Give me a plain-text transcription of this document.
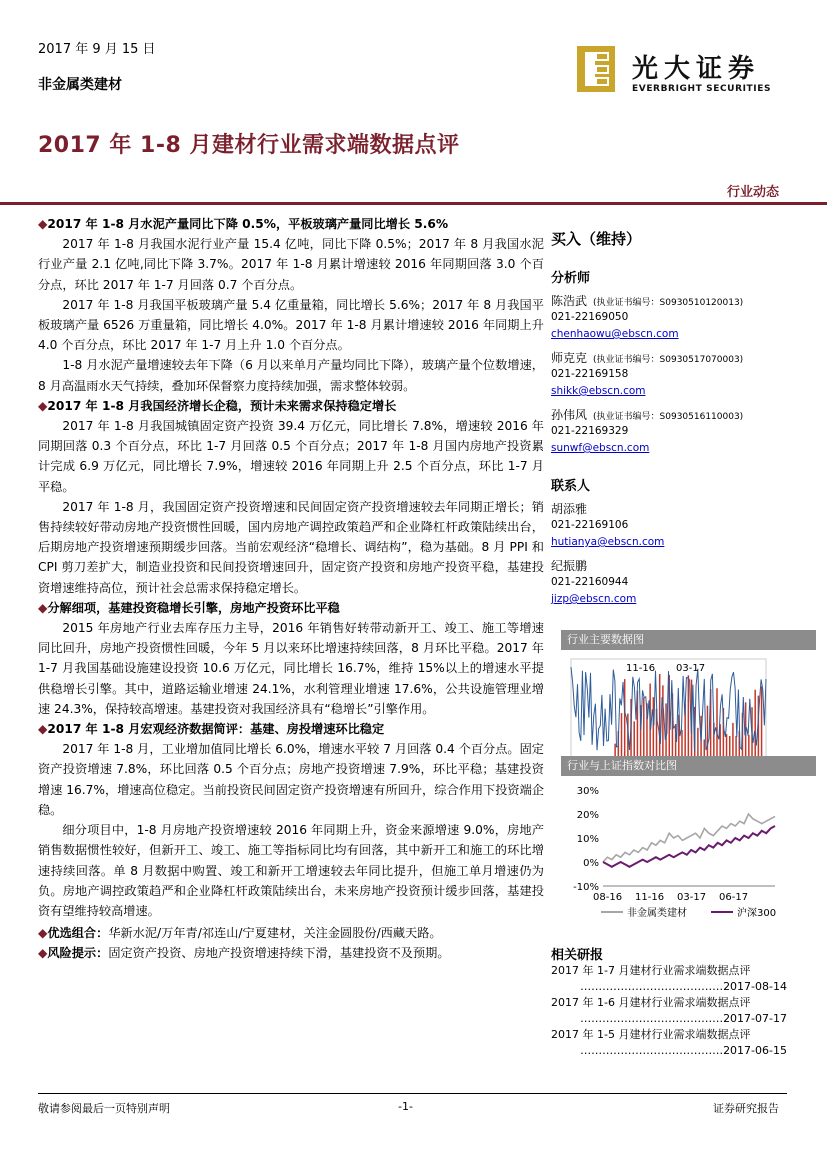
2017 年 9 月 15 日
非金属类建材
2017 年 1-8 月建材行业需求端数据点评
光大证券
EVERBRIGHT SECURITIES
行业动态
◆2017 年 1-8 月水泥产量同比下降 0.5%，平板玻璃产量同比增长 5.6%

2017 年 1-8 月我国水泥行业产量 15.4 亿吨，同比下降 0.5%；2017 年 8 月我国水泥行业产量 2.1 亿吨,同比下降 3.7%。2017 年 1-8 月累计增速较 2016 年同期回落 3.0 个百分点，环比 2017 年 1-7 月回落 0.7 个百分点。

2017 年 1-8 月我国平板玻璃产量 5.4 亿重量箱，同比增长 5.6%；2017 年 8 月我国平板玻璃产量 6526 万重量箱，同比增长 4.0%。2017 年 1-8 月累计增速较 2016 年同期上升 4.0 个百分点，环比 2017 年 1-7 月上升 1.0 个百分点。

1-8 月水泥产量增速较去年下降（6 月以来单月产量均同比下降），玻璃产量个位数增速，8 月高温雨水天气持续，叠加环保督察力度持续加强，需求整体较弱。

◆2017 年 1-8 月我国经济增长企稳，预计未来需求保持稳定增长

2017 年 1-8 月我国城镇固定资产投资 39.4 万亿元，同比增长 7.8%，增速较 2016 年同期回落 0.3 个百分点，环比 1-7 月回落 0.5 个百分点；2017 年 1-8 月国内房地产投资累计完成 6.9 万亿元，同比增长 7.9%，增速较 2016 年同期上升 2.5 个百分点，环比 1-7 月平稳。

2017 年 1-8 月，我国固定资产投资增速和民间固定资产投资增速较去年同期正增长；销售持续较好带动房地产投资惯性回暖，国内房地产调控政策趋严和企业降杠杆政策陆续出台，后期房地产投资增速预期缓步回落。当前宏观经济“稳增长、调结构”，稳为基础。8 月 PPI 和 CPI 剪刀差扩大，制造业投资和民间投资增速回升，固定资产投资和房地产投资平稳，基建投资增速维持高位，预计社会总需求保持稳定增长。

◆分解细项，基建投资稳增长引擎，房地产投资环比平稳

2015 年房地产行业去库存压力主导，2016 年销售好转带动新开工、竣工、施工等增速同比回升，房地产投资惯性回暖，今年 5 月以来环比增速持续回落，8 月环比平稳。2017 年 1-7 月我国基础设施建设投资 10.6 万亿元，同比增长 16.7%，维持 15%以上的增速水平提供稳增长引擎。其中，道路运输业增速 24.1%，水利管理业增速 17.6%，公共设施管理业增速 24.3%，保持较高增速。基建投资对我国经济具有“稳增长”引擎作用。

◆2017 年 1-8 月宏观经济数据简评：基建、房投增速环比稳定

2017 年 1-8 月，工业增加值同比增长 6.0%，增速水平较 7 月回落 0.4 个百分点。固定资产投资增速 7.8%，环比回落 0.5 个百分点；房地产投资增速 7.9%，环比平稳；基建投资增速 16.7%，增速高位稳定。当前投资民间固定资产投资增速有所回升，综合作用下投资端企稳。

细分项目中，1-8 月房地产投资增速较 2016 年同期上升，资金来源增速 9.0%，房地产销售数据惯性较好，但新开工、竣工、施工等指标同比均有回落，其中新开工和施工的环比增速持续回落。单 8 月数据中购置、竣工和新开工增速较去年同比提升，但施工单月增速仍为负。房地产调控政策趋严和企业降杠杆政策陆续出台，未来房地产投资预计缓步回落，基建投资有望维持较高增速。

◆优选组合：华新水泥/万年青/祁连山/宁夏建材，关注金圆股份/西藏天路。
◆风险提示：固定资产投资、房地产投资增速持续下滑，基建投资不及预期。
买入（维持）
分析师
陈浩武 (执业证书编号：S0930510120013)
021-22169050
chenhaowu@ebscn.com
师克克 (执业证书编号：S0930517070003)
021-22169158
shikk@ebscn.com
孙伟风 (执业证书编号：S0930516110003)
021-22169329
sunwf@ebscn.com
联系人
胡添雅
021-22169106
hutianya@ebscn.com
纪振鹏
021-22160944
jizp@ebscn.com
行业主要数据图
11-16 03-17
行业与上证指数对比图
30%
20%
10%
0%
-10%
08-16 11-16 03-17 06-17
非金属类建材	沪深300
相关研报
2017 年 1-7 月建材行业需求端数据点评
…………………………………2017-08-14
2017 年 1-6 月建材行业需求端数据点评
…………………………………2017-07-17
2017 年 1-5 月建材行业需求端数据点评
…………………………………2017-06-15
敬请参阅最后一页特别声明	-1-	证券研究报告
